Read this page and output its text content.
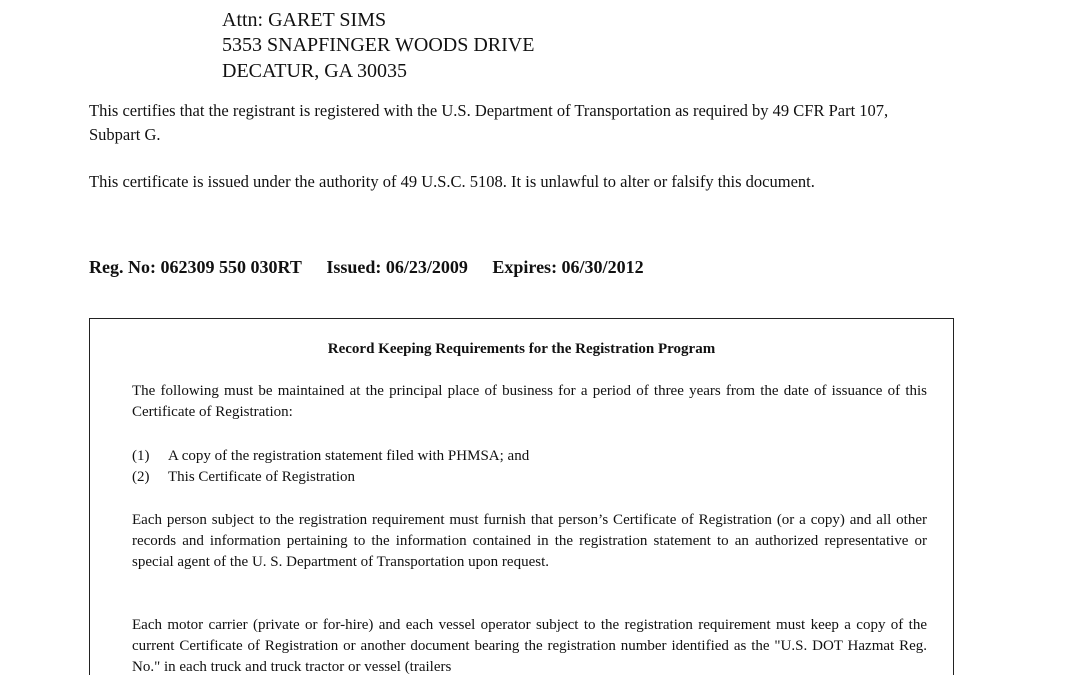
Attn: GARET SIMS
5353 SNAPFINGER WOODS DRIVE
DECATUR, GA 30035
This certifies that the registrant is registered with the U.S. Department of Transportation as required by 49 CFR Part 107, Subpart G.
This certificate is issued under the authority of 49 U.S.C. 5108. It is unlawful to alter or falsify this document.
Reg. No: 062309 550 030RT Issued: 06/23/2009 Expires: 06/30/2012
Record Keeping Requirements for the Registration Program
The following must be maintained at the principal place of business for a period of three years from the date of issuance of this Certificate of Registration:
(1) A copy of the registration statement filed with PHMSA; and
(2) This Certificate of Registration
Each person subject to the registration requirement must furnish that person’s Certificate of Registration (or a copy) and all other records and information pertaining to the information contained in the registration statement to an authorized representative or special agent of the U. S. Department of Transportation upon request.
Each motor carrier (private or for-hire) and each vessel operator subject to the registration requirement must keep a copy of the current Certificate of Registration or another document bearing the registration number identified as the "U.S. DOT Hazmat Reg. No." in each truck and truck tractor or vessel (trailers
